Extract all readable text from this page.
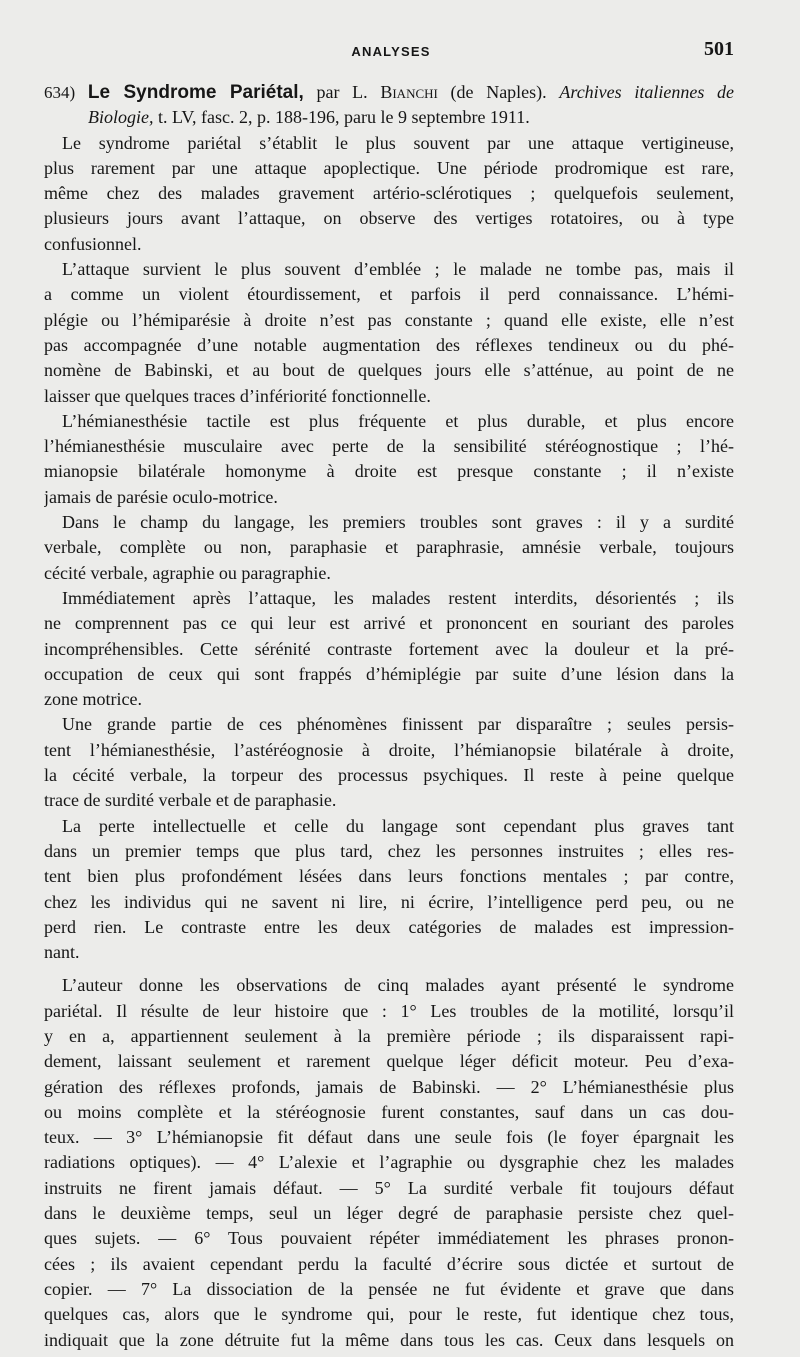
ANALYSES	501
634) Le Syndrome Pariétal, par L. Bianchi (de Naples). Archives italiennes de
Biologie, t. LV, fasc. 2, p. 188-196, paru le 9 septembre 1911.
Le syndrome pariétal s’établit le plus souvent par une attaque vertigineuse,
plus rarement par une attaque apoplectique. Une période prodromique est rare,
même chez des malades gravement artério-sclérotiques ; quelquefois seulement,
plusieurs jours avant l’attaque, on observe des vertiges rotatoires, ou à type
confusionnel.
L’attaque survient le plus souvent d’emblée ; le malade ne tombe pas, mais il
a comme un violent étourdissement, et parfois il perd connaissance. L’hémi-
plégie ou l’hémiparésie à droite n’est pas constante ; quand elle existe, elle n’est
pas accompagnée d’une notable augmentation des réflexes tendineux ou du phé-
nomène de Babinski, et au bout de quelques jours elle s’atténue, au point de ne
laisser que quelques traces d’infériorité fonctionnelle.
L’hémianesthésie tactile est plus fréquente et plus durable, et plus encore
l’hémianesthésie musculaire avec perte de la sensibilité stéréognostique ; l’hé-
mianopsie bilatérale homonyme à droite est presque constante ; il n’existe
jamais de parésie oculo-motrice.
Dans le champ du langage, les premiers troubles sont graves : il y a surdité
verbale, complète ou non, paraphasie et paraphrasie, amnésie verbale, toujours
cécité verbale, agraphie ou paragraphie.
Immédiatement après l’attaque, les malades restent interdits, désorientés ; ils
ne comprennent pas ce qui leur est arrivé et prononcent en souriant des paroles
incompréhensibles. Cette sérénité contraste fortement avec la douleur et la pré-
occupation de ceux qui sont frappés d’hémiplégie par suite d’une lésion dans la
zone motrice.
Une grande partie de ces phénomènes finissent par disparaître ; seules persis-
tent l’hémianesthésie, l’astéréognosie à droite, l’hémianopsie bilatérale à droite,
la cécité verbale, la torpeur des processus psychiques. Il reste à peine quelque
trace de surdité verbale et de paraphasie.
La perte intellectuelle et celle du langage sont cependant plus graves tant
dans un premier temps que plus tard, chez les personnes instruites ; elles res-
tent bien plus profondément lésées dans leurs fonctions mentales ; par contre,
chez les individus qui ne savent ni lire, ni écrire, l’intelligence perd peu, ou ne
perd rien. Le contraste entre les deux catégories de malades est impression-
nant.
L’auteur donne les observations de cinq malades ayant présenté le syndrome
pariétal. Il résulte de leur histoire que : 1° Les troubles de la motilité, lorsqu’il
y en a, appartiennent seulement à la première période ; ils disparaissent rapi-
dement, laissant seulement et rarement quelque léger déficit moteur. Peu d’exa-
gération des réflexes profonds, jamais de Babinski. — 2° L’hémianesthésie plus
ou moins complète et la stéréognosie furent constantes, sauf dans un cas dou-
teux. — 3° L’hémianopsie fit défaut dans une seule fois (le foyer épargnait les
radiations optiques). — 4° L’alexie et l’agraphie ou dysgraphie chez les malades
instruits ne firent jamais défaut. — 5° La surdité verbale fit toujours défaut
dans le deuxième temps, seul un léger degré de paraphasie persiste chez quel-
ques sujets. — 6° Tous pouvaient répéter immédiatement les phrases pronon-
cées ; ils avaient cependant perdu la faculté d’écrire sous dictée et surtout de
copier. — 7° La dissociation de la pensée ne fut évidente et grave que dans
quelques cas, alors que le syndrome qui, pour le reste, fut identique chez tous,
indiquait que la zone détruite fut la même dans tous les cas. Ceux dans lesquels on
